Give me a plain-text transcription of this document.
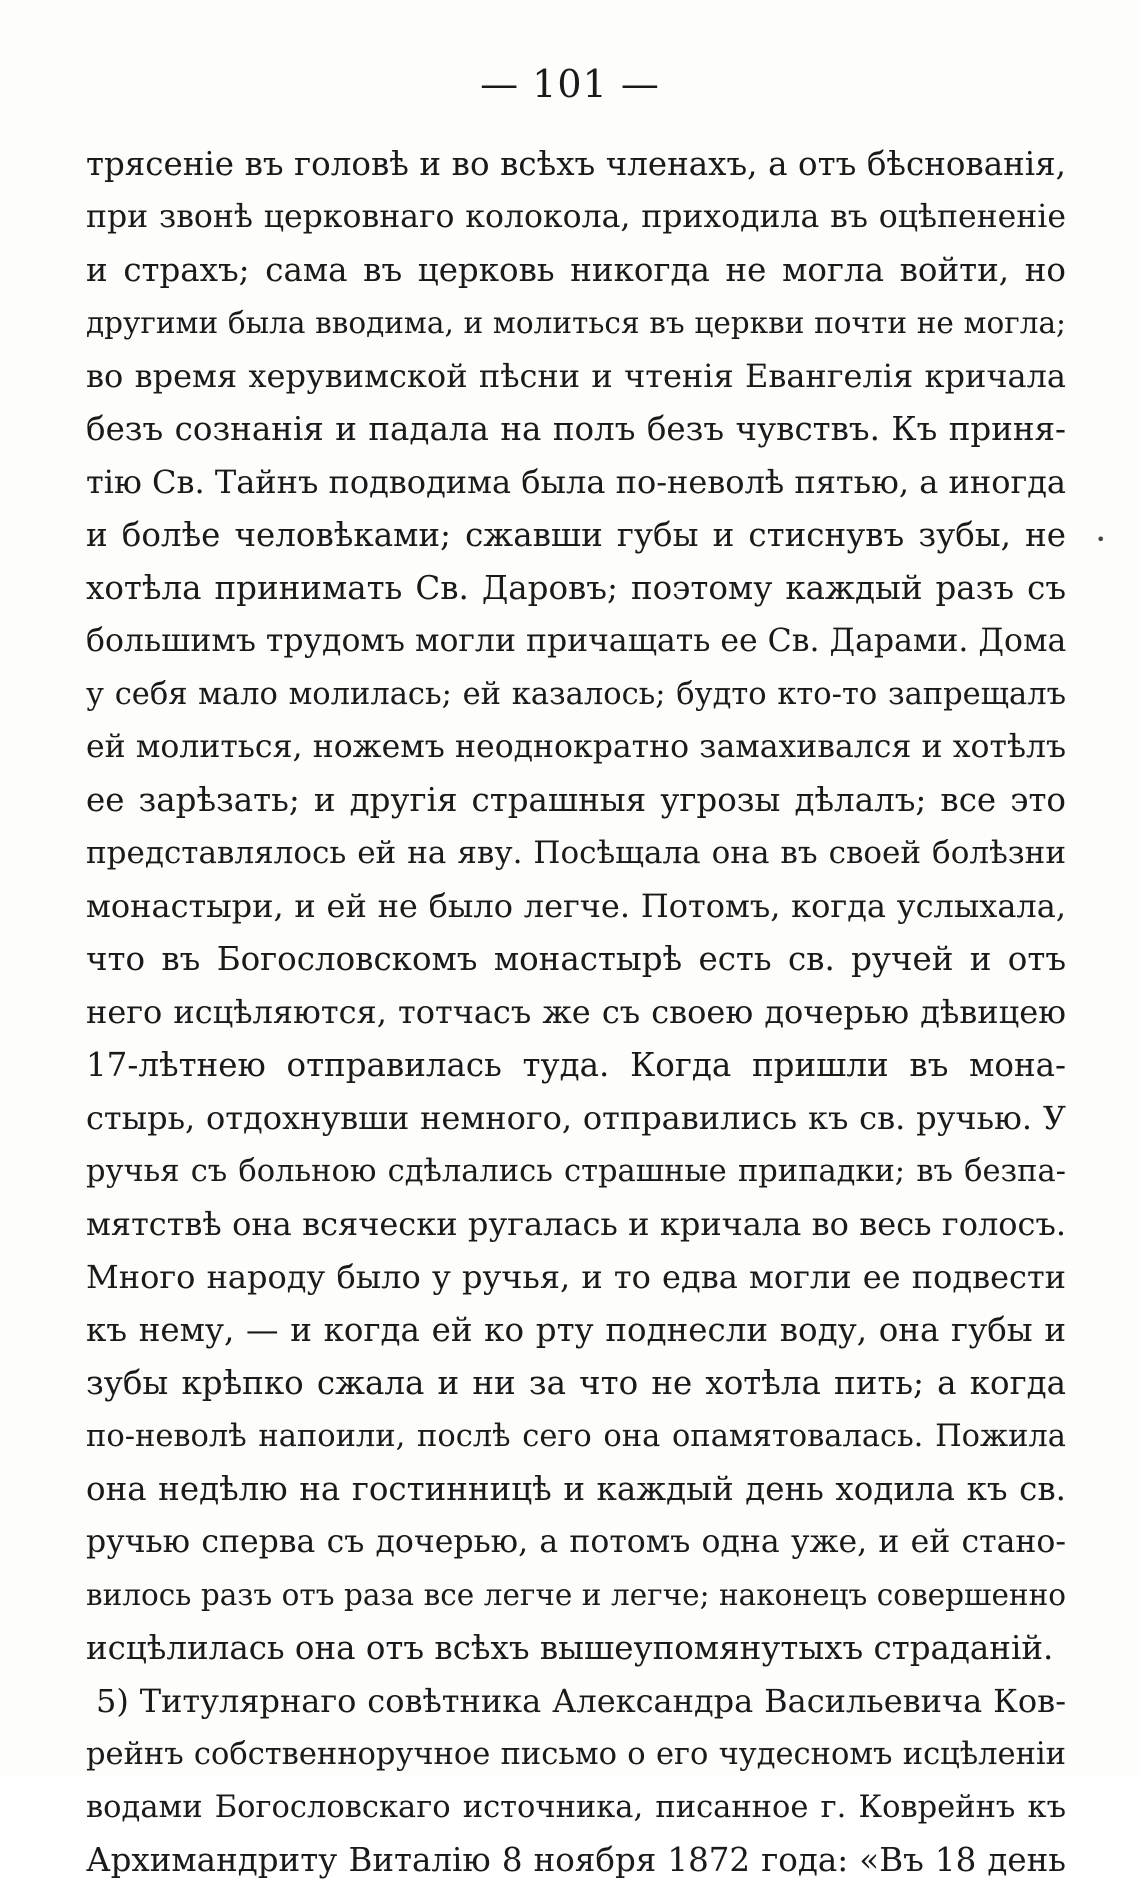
— 101 —
трясеніе въ головѣ и во всѣхъ членахъ, а отъ бѣснованія,
при звонѣ церковнаго колокола, приходила въ оцѣпененіе
и страхъ; сама въ церковь никогда не могла войти, но
другими была вводима, и молиться въ церкви почти не могла;
во время херувимской пѣсни и чтенія Евангелія кричала
безъ сознанія и падала на полъ безъ чувствъ. Къ приня-
тію Св. Тайнъ подводима была по-неволѣ пятью, а иногда
и болѣе человѣками; сжавши губы и стиснувъ зубы, не
хотѣла принимать Св. Даровъ; поэтому каждый разъ съ
большимъ трудомъ могли причащать ее Св. Дарами. Дома
у себя мало молилась; ей казалось; будто кто-то запрещалъ
ей молиться, ножемъ неоднократно замахивался и хотѣлъ
ее зарѣзать; и другія страшныя угрозы дѣлалъ; все это
представлялось ей на яву. Посѣщала она въ своей болѣзни
монастыри, и ей не было легче. Потомъ, когда услыхала,
что въ Богословскомъ монастырѣ есть св. ручей и отъ
него исцѣляются, тотчасъ же съ своею дочерью дѣвицею
17-лѣтнею отправилась туда. Когда пришли въ мона-
стырь, отдохнувши немного, отправились къ св. ручью. У
ручья съ больною сдѣлались страшные припадки; въ безпа-
мятствѣ она всячески ругалась и кричала во весь голосъ.
Много народу было у ручья, и то едва могли ее подвести
къ нему, — и когда ей ко рту поднесли воду, она губы и
зубы крѣпко сжала и ни за что не хотѣла пить; а когда
по-неволѣ напоили, послѣ сего она опамятовалась. Пожила
она недѣлю на гостинницѣ и каждый день ходила къ св.
ручью сперва съ дочерью, а потомъ одна уже, и ей стано-
вилось разъ отъ раза все легче и легче; наконецъ совершенно
исцѣлилась она отъ всѣхъ вышеупомянутыхъ страданій.
5) Титулярнаго совѣтника Александра Васильевича Ков-
рейнъ собственноручное письмо о его чудесномъ исцѣленіи
водами Богословскаго источника, писанное г. Коврейнъ къ
Архимандриту Виталію 8 ноября 1872 года: «Въ 18 день
•
